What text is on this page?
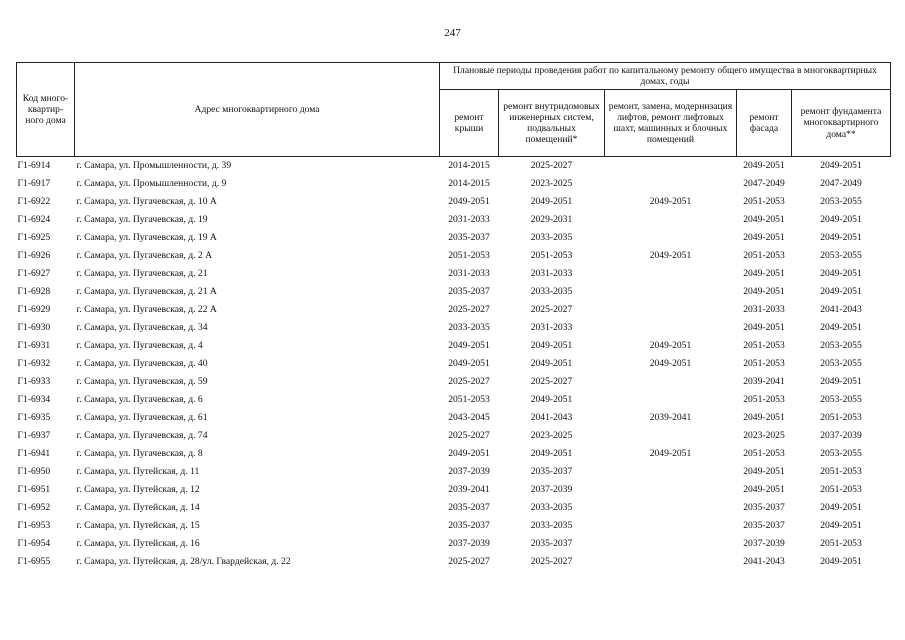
247
Код много-квартир-ного дома	Адрес многоквартирного дома	Плановые периоды проведения работ по капитальному ремонту общего имущества в многоквартирных домах, годы				
		ремонт крыши	ремонт внутридомовых инженерных систем, подвальных помещений*	ремонт, замена, модернизация лифтов, ремонт лифтовых шахт, машинных и блочных помещений	ремонт фасада	ремонт фундамента многоквартирного дома**
Г1-6914	г. Самара, ул. Промышленности, д. 39	2014-2015	2025-2027		2049-2051	2049-2051
Г1-6917	г. Самара, ул. Промышленности, д. 9	2014-2015	2023-2025		2047-2049	2047-2049
Г1-6922	г. Самара, ул. Пугачевская, д. 10 А	2049-2051	2049-2051	2049-2051	2051-2053	2053-2055
Г1-6924	г. Самара, ул. Пугачевская, д. 19	2031-2033	2029-2031		2049-2051	2049-2051
Г1-6925	г. Самара, ул. Пугачевская, д. 19 А	2035-2037	2033-2035		2049-2051	2049-2051
Г1-6926	г. Самара, ул. Пугачевская, д. 2 А	2051-2053	2051-2053	2049-2051	2051-2053	2053-2055
Г1-6927	г. Самара, ул. Пугачевская, д. 21	2031-2033	2031-2033		2049-2051	2049-2051
Г1-6928	г. Самара, ул. Пугачевская, д. 21 А	2035-2037	2033-2035		2049-2051	2049-2051
Г1-6929	г. Самара, ул. Пугачевская, д. 22 А	2025-2027	2025-2027		2031-2033	2041-2043
Г1-6930	г. Самара, ул. Пугачевская, д. 34	2033-2035	2031-2033		2049-2051	2049-2051
Г1-6931	г. Самара, ул. Пугачевская, д. 4	2049-2051	2049-2051	2049-2051	2051-2053	2053-2055
Г1-6932	г. Самара, ул. Пугачевская, д. 40	2049-2051	2049-2051	2049-2051	2051-2053	2053-2055
Г1-6933	г. Самара, ул. Пугачевская, д. 59	2025-2027	2025-2027		2039-2041	2049-2051
Г1-6934	г. Самара, ул. Пугачевская, д. 6	2051-2053	2049-2051		2051-2053	2053-2055
Г1-6935	г. Самара, ул. Пугачевская, д. 61	2043-2045	2041-2043	2039-2041	2049-2051	2051-2053
Г1-6937	г. Самара, ул. Пугачевская, д. 74	2025-2027	2023-2025		2023-2025	2037-2039
Г1-6941	г. Самара, ул. Пугачевская, д. 8	2049-2051	2049-2051	2049-2051	2051-2053	2053-2055
Г1-6950	г. Самара, ул. Путейская, д. 11	2037-2039	2035-2037		2049-2051	2051-2053
Г1-6951	г. Самара, ул. Путейская, д. 12	2039-2041	2037-2039		2049-2051	2051-2053
Г1-6952	г. Самара, ул. Путейская, д. 14	2035-2037	2033-2035		2035-2037	2049-2051
Г1-6953	г. Самара, ул. Путейская, д. 15	2035-2037	2033-2035		2035-2037	2049-2051
Г1-6954	г. Самара, ул. Путейская, д. 16	2037-2039	2035-2037		2037-2039	2051-2053
Г1-6955	г. Самара, ул. Путейская, д. 28/ул. Гвардейская, д. 22	2025-2027	2025-2027		2041-2043	2049-2051
